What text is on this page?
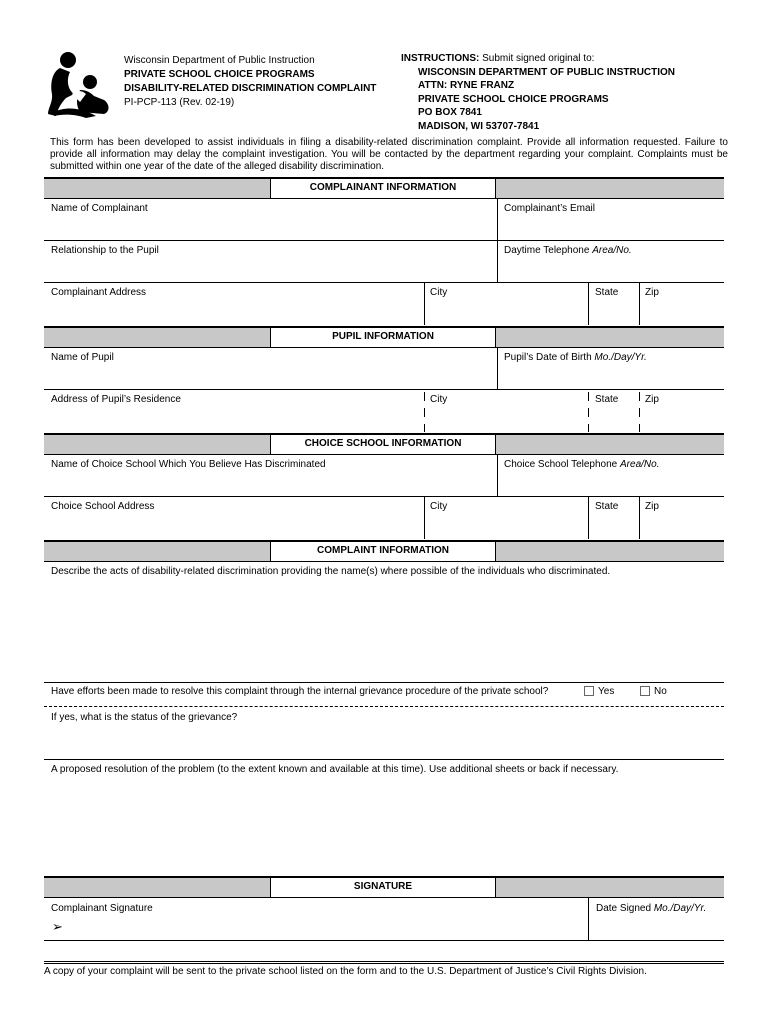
Wisconsin Department of Public Instruction
PRIVATE SCHOOL CHOICE PROGRAMS
DISABILITY-RELATED DISCRIMINATION COMPLAINT
PI-PCP-113 (Rev. 02-19)
INSTRUCTIONS: Submit signed original to:
WISCONSIN DEPARTMENT OF PUBLIC INSTRUCTION
ATTN: RYNE FRANZ
PRIVATE SCHOOL CHOICE PROGRAMS
PO BOX 7841
MADISON, WI 53707-7841
This form has been developed to assist individuals in filing a disability-related discrimination complaint. Provide all information requested. Failure to provide all information may delay the complaint investigation. You will be contacted by the department regarding your complaint. Complaints must be submitted within one year of the date of the alleged disability discrimination.
COMPLAINANT INFORMATION
Name of Complainant	Complainant’s Email
Relationship to the Pupil	Daytime Telephone Area/No.
Complainant Address	City	State	Zip
PUPIL INFORMATION
Name of Pupil	Pupil’s Date of Birth Mo./Day/Yr.
Address of Pupil’s Residence	City	State	Zip
CHOICE SCHOOL INFORMATION
Name of Choice School Which You Believe Has Discriminated	Choice School Telephone Area/No.
Choice School Address	City	State	Zip
COMPLAINT INFORMATION
Describe the acts of disability-related discrimination providing the name(s) where possible of the individuals who discriminated.
Have efforts been made to resolve this complaint through the internal grievance procedure of the private school?	Yes	No
If yes, what is the status of the grievance?
A proposed resolution of the problem (to the extent known and available at this time). Use additional sheets or back if necessary.
SIGNATURE
Complainant Signature
➢
Date Signed Mo./Day/Yr.
A copy of your complaint will be sent to the private school listed on the form and to the U.S. Department of Justice’s Civil Rights Division.
